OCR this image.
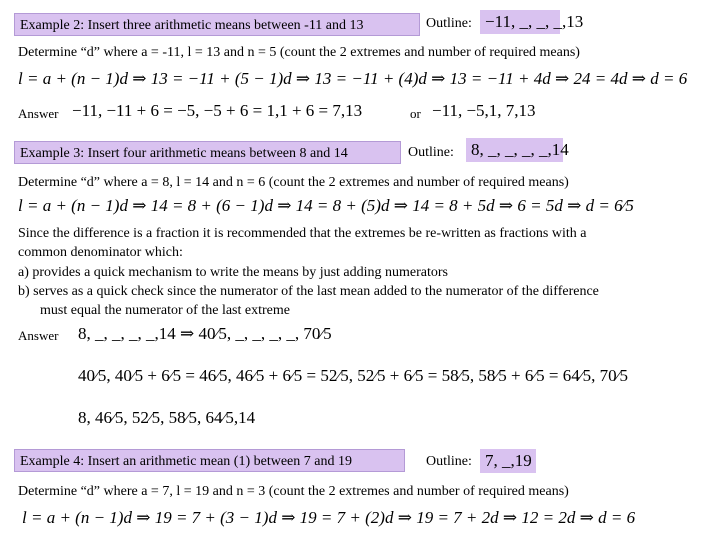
Example 2: Insert three arithmetic means between -11 and 13	Outline: −11, _, _, _,13
Determine “d” where a = -11, l = 13 and n = 5 (count the 2 extremes and number of required means)
l = a + (n − 1)d ⇒ 13 = −11 + (5 − 1)d ⇒ 13 = −11 + (4)d ⇒ 13 = −11 + 4d ⇒ 24 = 4d ⇒ d = 6
Answer −11, −11 + 6 = −5, −5 + 6 = 1,1 + 6 = 7,13	or −11, −5,1, 7,13
Example 3: Insert four arithmetic means between 8 and 14	Outline: 8, _, _, _, _,14
Determine “d” where a = 8, l = 14 and n = 6 (count the 2 extremes and number of required means)
l = a + (n − 1)d ⇒ 14 = 8 + (6 − 1)d ⇒ 14 = 8 + (5)d ⇒ 14 = 8 + 5d ⇒ 6 = 5d ⇒ d = 6⁄5
Since the difference is a fraction it is recommended that the extremes be re-written as fractions with a
common denominator which:
a) provides a quick mechanism to write the means by just adding numerators
b) serves as a quick check since the numerator of the last mean added to the numerator of the difference
must equal the numerator of the last extreme
Answer 8, _, _, _, _,14 ⇒ 40⁄5, _, _, _, _, 70⁄5
40⁄5, 40⁄5 + 6⁄5 = 46⁄5, 46⁄5 + 6⁄5 = 52⁄5, 52⁄5 + 6⁄5 = 58⁄5, 58⁄5 + 6⁄5 = 64⁄5, 70⁄5
8, 46⁄5, 52⁄5, 58⁄5, 64⁄5,14
Example 4: Insert an arithmetic mean (1) between 7 and 19	Outline: 7, _,19
Determine “d” where a = 7, l = 19 and n = 3 (count the 2 extremes and number of required means)
l = a + (n − 1)d ⇒ 19 = 7 + (3 − 1)d ⇒ 19 = 7 + (2)d ⇒ 19 = 7 + 2d ⇒ 12 = 2d ⇒ d = 6
